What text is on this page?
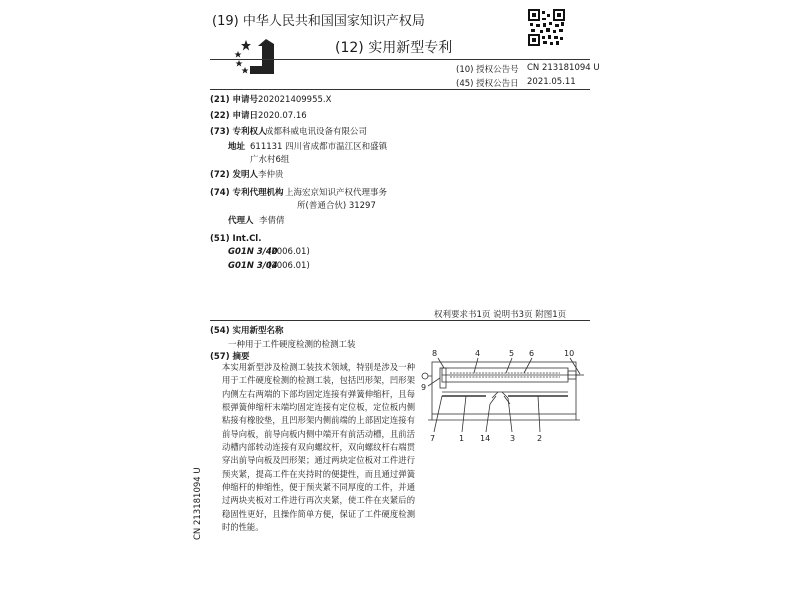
(19) 中华人民共和国国家知识产权局
(12) 实用新型专利
(10) 授权公告号 CN 213181094 U
(45) 授权公告日 2021.05.11
(21) 申请号 202021409955.X
(22) 申请日 2020.07.16
(73) 专利权人
成都科威电讯设备有限公司
地址 611131 四川省成都市温江区和盛镇
广水村6组
(72) 发明人 李仲贵
(74) 专利代理机构 上海宏京知识产权代理事务
所(普通合伙) 31297
代理人 李倩倩
(51) Int.Cl.
G01N 3/40
(2006.01)
G01N 3/04
(2006.01)
权利要求书1页 说明书3页 附图1页
(54) 实用新型名称
一种用于工件硬度检测的检测工装
(57) 摘要
本实用新型涉及检测工装技术领域，特别是涉及一种用于工件硬度检测的检测工装，包括凹形架，凹形架内侧左右两端的下部均固定连接有弹簧伸缩杆，且每根弹簧伸缩杆末端均固定连接有定位板，定位板内侧粘接有橡胶垫，且凹形架内侧前端的上部固定连接有前导向板，前导向板内侧中端开有前活动槽，且前活动槽内部转动连接有双向螺纹杆，双向螺纹杆右端贯穿出前导向板及凹形架；通过两块定位板对工件进行预夹紧，提高工件在夹持时的便捷性，而且通过弹簧伸缩杆的伸缩性，便于预夹紧不同厚度的工件，并通过两块夹板对工件进行再次夹紧，使工件在夹紧后的稳固性更好，且操作简单方便，保证了工件硬度检测时的性能。
8	4	5 6	10
9
7	1 14 3	2
CN 213181094 U
